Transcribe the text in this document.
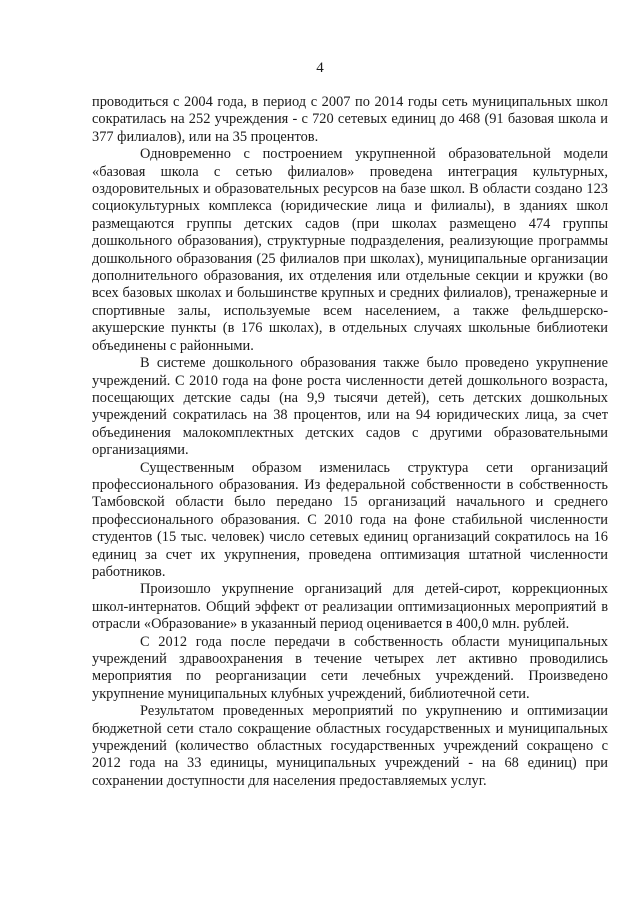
4

проводиться с 2004 года, в период с 2007 по 2014 годы сеть муниципальных школ сократилась на 252 учреждения - с 720 сетевых единиц до 468 (91 базовая школа и 377 филиалов), или на 35 процентов.

Одновременно с построением укрупненной образовательной модели «базовая школа с сетью филиалов» проведена интеграция культурных, оздоровительных и образовательных ресурсов на базе школ. В области создано 123 социокультурных комплекса (юридические лица и филиалы), в зданиях школ размещаются группы детских садов (при школах размещено 474 группы дошкольного образования), структурные подразделения, реализующие программы дошкольного образования (25 филиалов при школах), муниципальные организации дополнительного образования, их отделения или отдельные секции и кружки (во всех базовых школах и большинстве крупных и средних филиалов), тренажерные и спортивные залы, используемые всем населением, а также фельдшерско-акушерские пункты (в 176 школах), в отдельных случаях школьные библиотеки объединены с районными.

В системе дошкольного образования также было проведено укрупнение учреждений. С 2010 года на фоне роста численности детей дошкольного возраста, посещающих детские сады (на 9,9 тысячи детей), сеть детских дошкольных учреждений сократилась на 38 процентов, или на 94 юридических лица, за счет объединения малокомплектных детских садов с другими образовательными организациями.

Существенным образом изменилась структура сети организаций профессионального образования. Из федеральной собственности в собственность Тамбовской области было передано 15 организаций начального и среднего профессионального образования. С 2010 года на фоне стабильной численности студентов (15 тыс. человек) число сетевых единиц организаций сократилось на 16 единиц за счет их укрупнения, проведена оптимизация штатной численности работников.

Произошло укрупнение организаций для детей-сирот, коррекционных школ-интернатов. Общий эффект от реализации оптимизационных мероприятий в отрасли «Образование» в указанный период оценивается в 400,0 млн. рублей.

С 2012 года после передачи в собственность области муниципальных учреждений здравоохранения в течение четырех лет активно проводились мероприятия по реорганизации сети лечебных учреждений. Произведено укрупнение муниципальных клубных учреждений, библиотечной сети.

Результатом проведенных мероприятий по укрупнению и оптимизации бюджетной сети стало сокращение областных государственных и муниципальных учреждений (количество областных государственных учреждений сокращено с 2012 года на 33 единицы, муниципальных учреждений - на 68 единиц) при сохранении доступности для населения предоставляемых услуг.
